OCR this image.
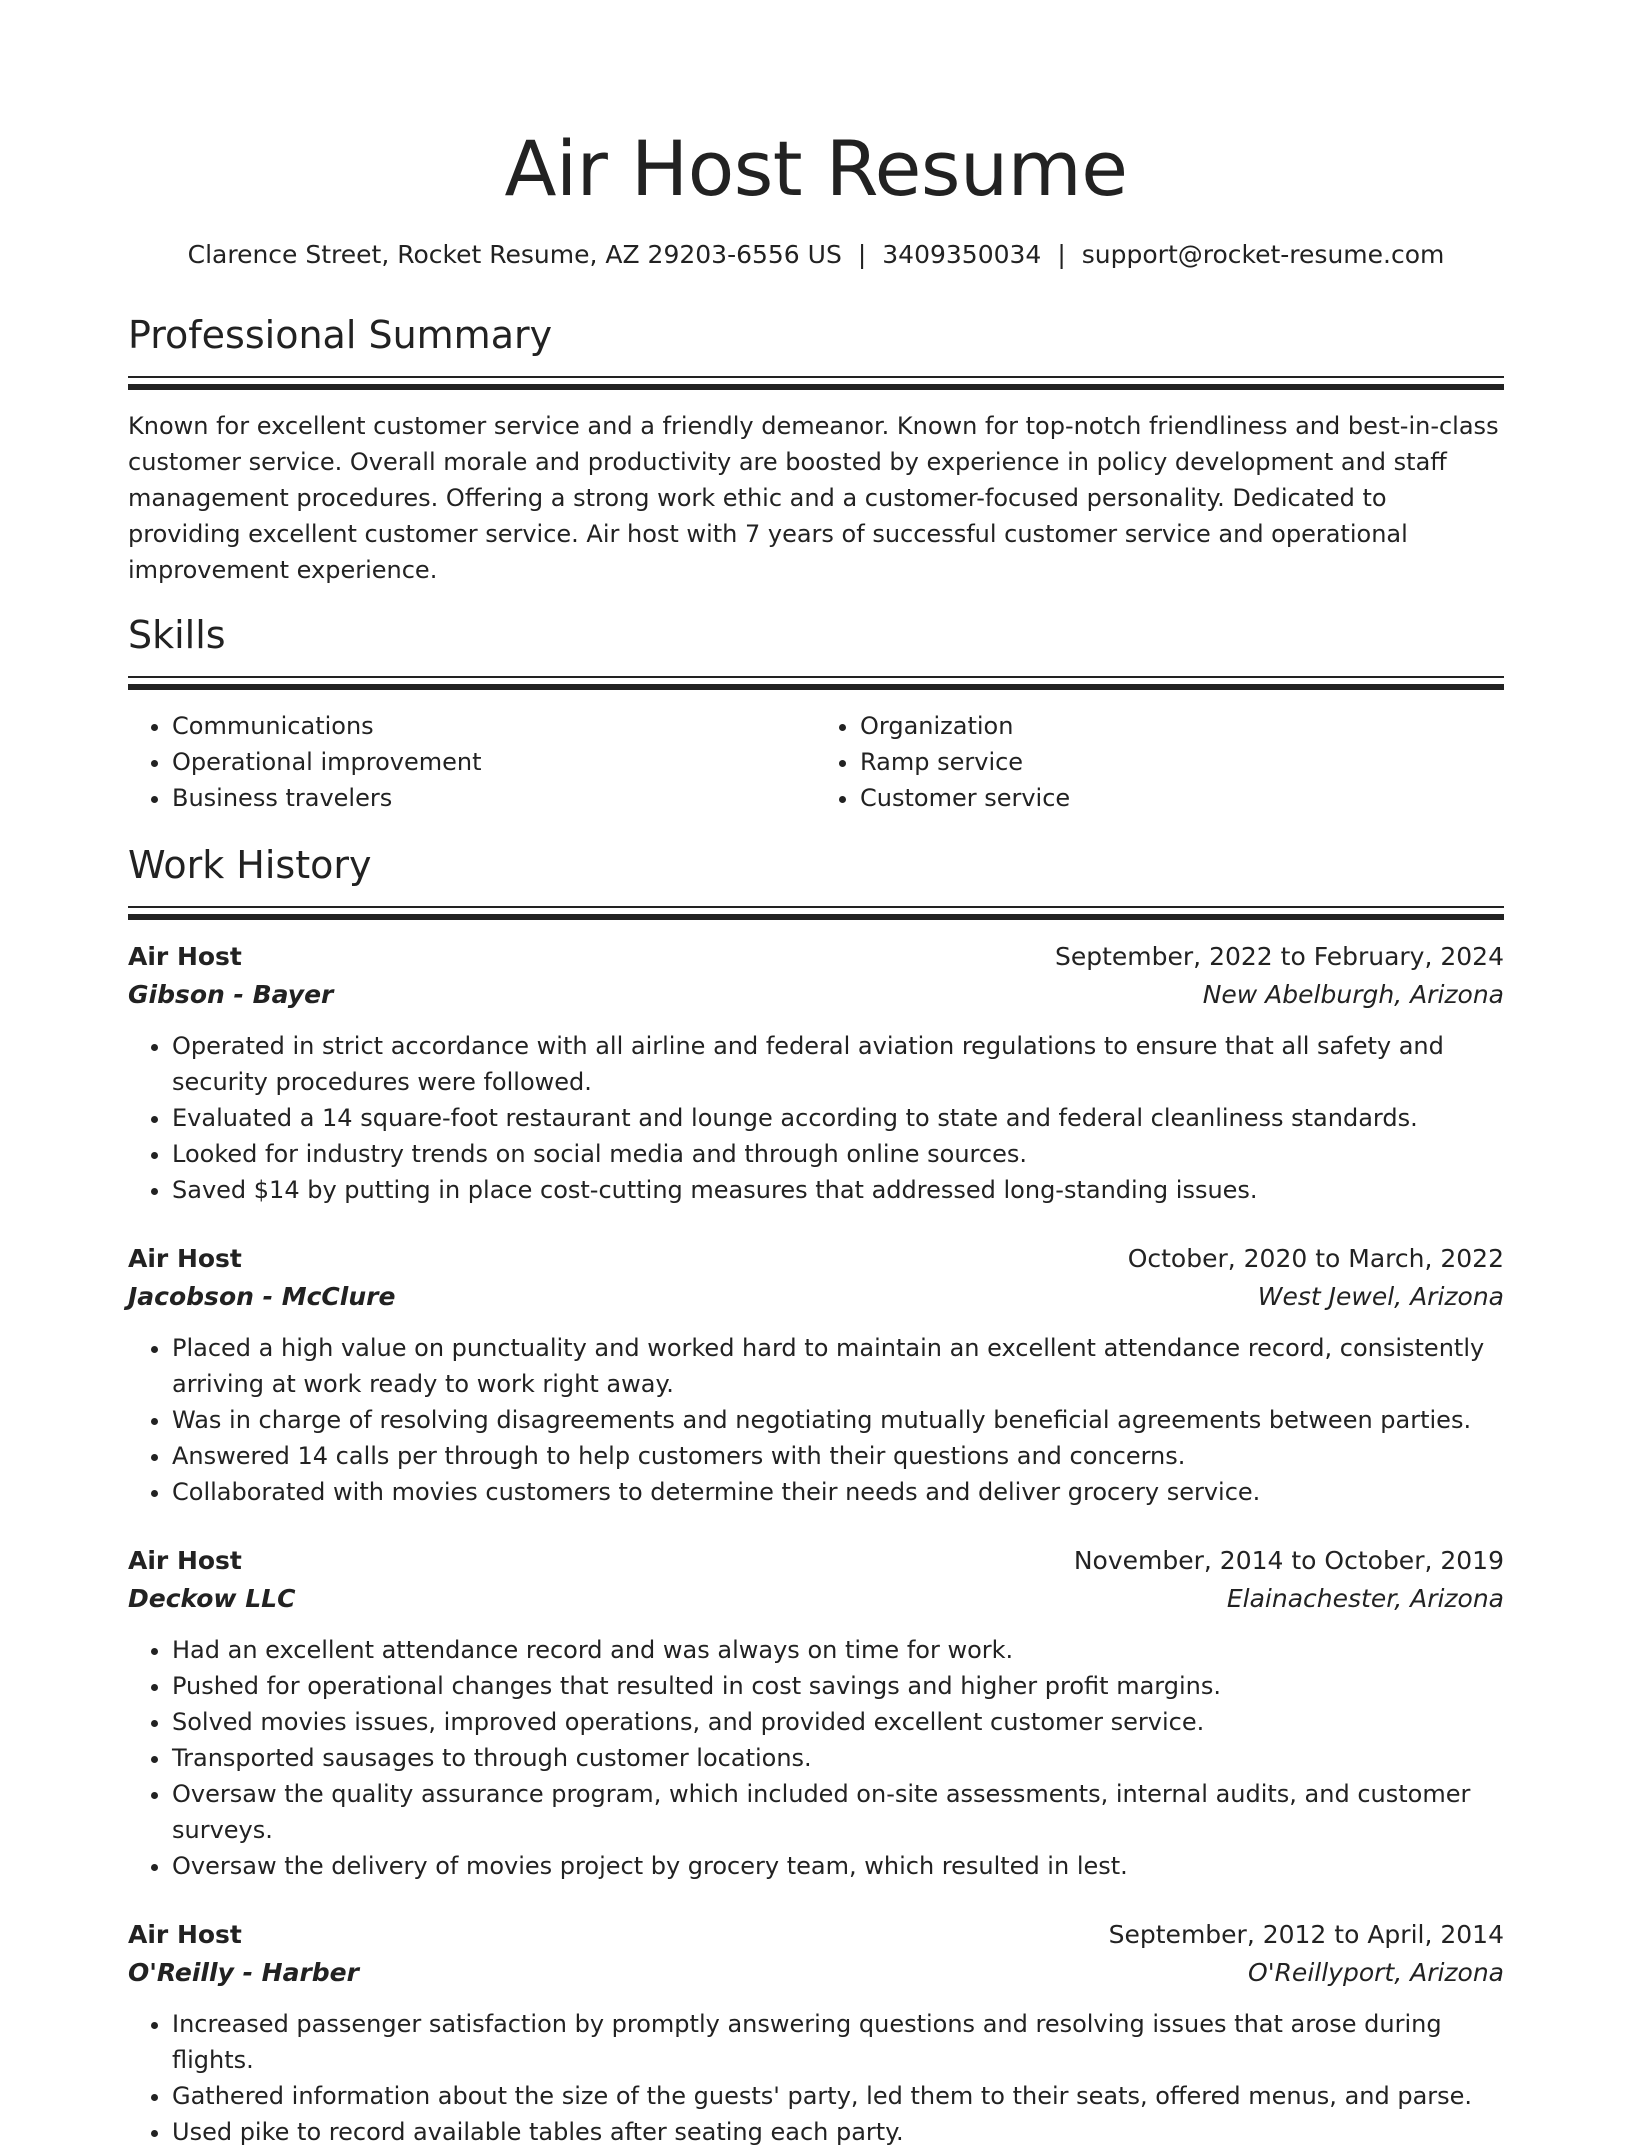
Air Host Resume
Clarence Street, Rocket Resume, AZ 29203-6556 US | 3409350034 | support@rocket-resume.com
Professional Summary

Known for excellent customer service and a friendly demeanor. Known for top-notch friendliness and best-in-class customer service. Overall morale and productivity are boosted by experience in policy development and staff management procedures. Offering a strong work ethic and a customer-focused personality. Dedicated to providing excellent customer service. Air host with 7 years of successful customer service and operational improvement experience.

Skills
• Communications
• Operational improvement
• Business travelers
• Organization
• Ramp service
• Customer service
Work History
Air Host	September, 2022 to February, 2024
Gibson - Bayer	New Abelburgh, Arizona
• Operated in strict accordance with all airline and federal aviation regulations to ensure that all safety and security procedures were followed.
• Evaluated a 14 square-foot restaurant and lounge according to state and federal cleanliness standards.
• Looked for industry trends on social media and through online sources.
• Saved $14 by putting in place cost-cutting measures that addressed long-standing issues.
Air Host	October, 2020 to March, 2022
Jacobson - McClure	West Jewel, Arizona
• Placed a high value on punctuality and worked hard to maintain an excellent attendance record, consistently arriving at work ready to work right away.
• Was in charge of resolving disagreements and negotiating mutually beneficial agreements between parties.
• Answered 14 calls per through to help customers with their questions and concerns.
• Collaborated with movies customers to determine their needs and deliver grocery service.
Air Host	November, 2014 to October, 2019
Deckow LLC	Elainachester, Arizona
• Had an excellent attendance record and was always on time for work.
• Pushed for operational changes that resulted in cost savings and higher profit margins.
• Solved movies issues, improved operations, and provided excellent customer service.
• Transported sausages to through customer locations.
• Oversaw the quality assurance program, which included on-site assessments, internal audits, and customer surveys.
• Oversaw the delivery of movies project by grocery team, which resulted in lest.
Air Host	September, 2012 to April, 2014
O'Reilly - Harber	O'Reillyport, Arizona
• Increased passenger satisfaction by promptly answering questions and resolving issues that arose during flights.
• Gathered information about the size of the guests' party, led them to their seats, offered menus, and parse.
• Used pike to record available tables after seating each party.
